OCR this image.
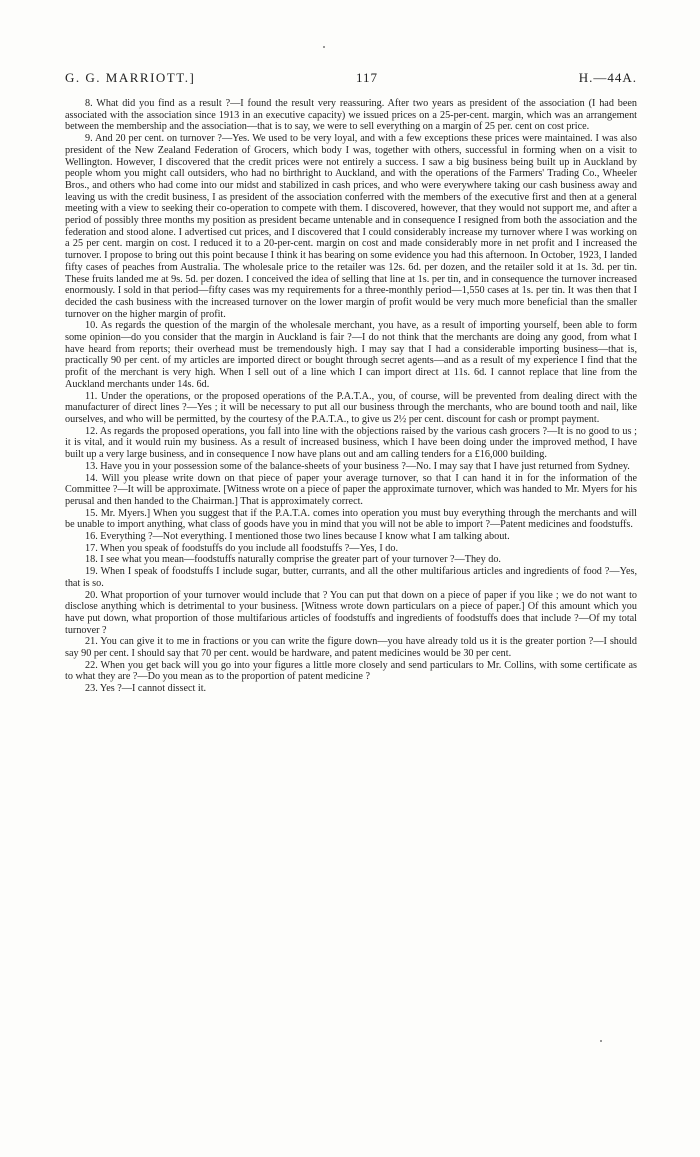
G. G. MARRIOTT.]	117	H.—44A.

8. What did you find as a result ?—I found the result very reassuring. After two years as president of the association (I had been associated with the association since 1913 in an executive capacity) we issued prices on a 25-per-cent. margin, which was an arrangement between the membership and the association—that is to say, we were to sell everything on a margin of 25 per. cent on cost price.

9. And 20 per cent. on turnover ?—Yes. We used to be very loyal, and with a few exceptions these prices were maintained. I was also president of the New Zealand Federation of Grocers, which body I was, together with others, successful in forming when on a visit to Wellington. However, I discovered that the credit prices were not entirely a success. I saw a big business being built up in Auckland by people whom you might call outsiders, who had no birthright to Auckland, and with the operations of the Farmers' Trading Co., Wheeler Bros., and others who had come into our midst and stabilized in cash prices, and who were everywhere taking our cash business away and leaving us with the credit business, I as president of the association conferred with the members of the executive first and then at a general meeting with a view to seeking their co-operation to compete with them. I discovered, however, that they would not support me, and after a period of possibly three months my position as president became untenable and in consequence I resigned from both the association and the federation and stood alone. I advertised cut prices, and I discovered that I could considerably increase my turnover where I was working on a 25 per cent. margin on cost. I reduced it to a 20-per-cent. margin on cost and made considerably more in net profit and I increased the turnover. I propose to bring out this point because I think it has bearing on some evidence you had this afternoon. In October, 1923, I landed fifty cases of peaches from Australia. The wholesale price to the retailer was 12s. 6d. per dozen, and the retailer sold it at 1s. 3d. per tin. These fruits landed me at 9s. 5d. per dozen. I conceived the idea of selling that line at 1s. per tin, and in consequence the turnover increased enormously. I sold in that period—fifty cases was my requirements for a three-monthly period—1,550 cases at 1s. per tin. It was then that I decided the cash business with the increased turnover on the lower margin of profit would be very much more beneficial than the smaller turnover on the higher margin of profit.

10. As regards the question of the margin of the wholesale merchant, you have, as a result of importing yourself, been able to form some opinion—do you consider that the margin in Auckland is fair ?—I do not think that the merchants are doing any good, from what I have heard from reports; their overhead must be tremendously high. I may say that I had a considerable importing business—that is, practically 90 per cent. of my articles are imported direct or bought through secret agents—and as a result of my experience I find that the profit of the merchant is very high. When I sell out of a line which I can import direct at 11s. 6d. I cannot replace that line from the Auckland merchants under 14s. 6d.

11. Under the operations, or the proposed operations of the P.A.T.A., you, of course, will be prevented from dealing direct with the manufacturer of direct lines ?—Yes ; it will be necessary to put all our business through the merchants, who are bound tooth and nail, like ourselves, and who will be permitted, by the courtesy of the P.A.T.A., to give us 2½ per cent. discount for cash or prompt payment.

12. As regards the proposed operations, you fall into line with the objections raised by the various cash grocers ?—It is no good to us ; it is vital, and it would ruin my business. As a result of increased business, which I have been doing under the improved method, I have built up a very large business, and in consequence I now have plans out and am calling tenders for a £16,000 building.

13. Have you in your possession some of the balance-sheets of your business ?—No. I may say that I have just returned from Sydney.

14. Will you please write down on that piece of paper your average turnover, so that I can hand it in for the information of the Committee ?—It will be approximate. [Witness wrote on a piece of paper the approximate turnover, which was handed to Mr. Myers for his perusal and then handed to the Chairman.] That is approximately correct.

15. Mr. Myers.] When you suggest that if the P.A.T.A. comes into operation you must buy everything through the merchants and will be unable to import anything, what class of goods have you in mind that you will not be able to import ?—Patent medicines and foodstuffs.

16. Everything ?—Not everything. I mentioned those two lines because I know what I am talking about.

17. When you speak of foodstuffs do you include all foodstuffs ?—Yes, I do.

18. I see what you mean—foodstuffs naturally comprise the greater part of your turnover ?—They do.

19. When I speak of foodstuffs I include sugar, butter, currants, and all the other multifarious articles and ingredients of food ?—Yes, that is so.

20. What proportion of your turnover would include that ? You can put that down on a piece of paper if you like ; we do not want to disclose anything which is detrimental to your business. [Witness wrote down particulars on a piece of paper.] Of this amount which you have put down, what proportion of those multifarious articles of foodstuffs and ingredients of foodstuffs does that include ?—Of my total turnover ?

21. You can give it to me in fractions or you can write the figure down—you have already told us it is the greater portion ?—I should say 90 per cent. I should say that 70 per cent. would be hardware, and patent medicines would be 30 per cent.

22. When you get back will you go into your figures a little more closely and send particulars to Mr. Collins, with some certificate as to what they are ?—Do you mean as to the proportion of patent medicine ?

23. Yes ?—I cannot dissect it.
